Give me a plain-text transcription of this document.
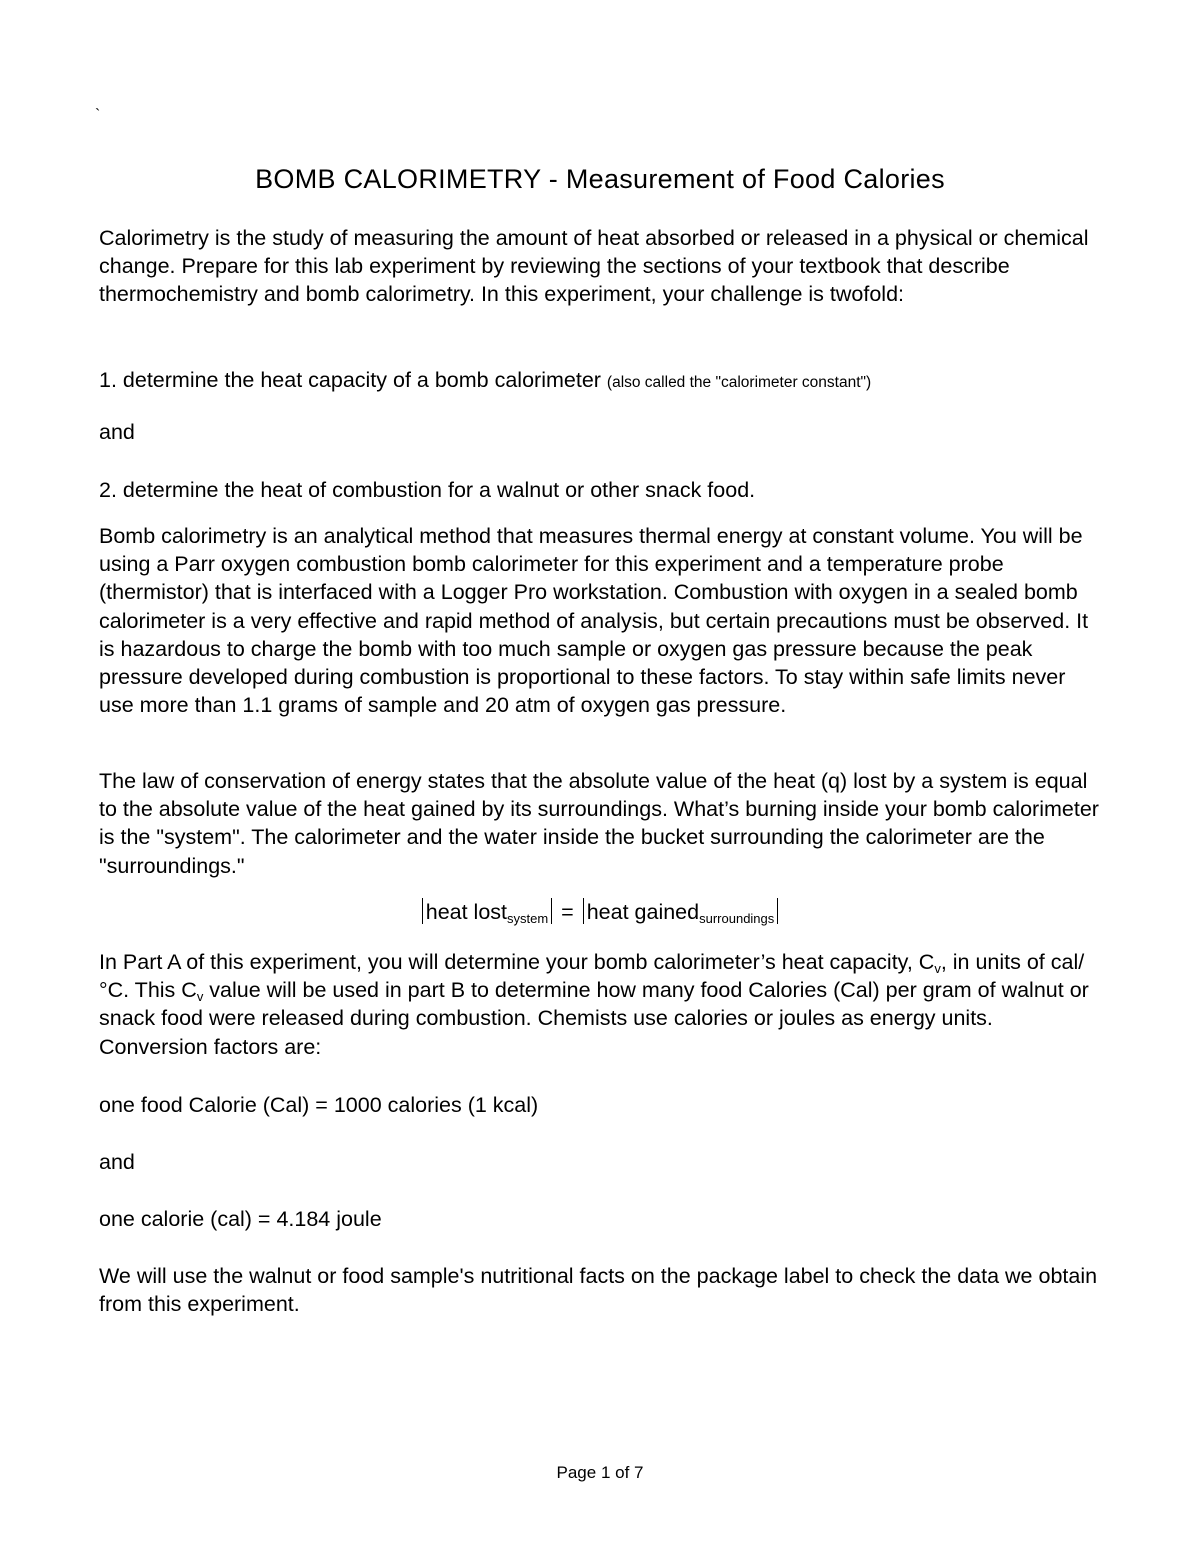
`
BOMB CALORIMETRY - Measurement of Food Calories

Calorimetry is the study of measuring the amount of heat absorbed or released in a physical or chemical change. Prepare for this lab experiment by reviewing the sections of your textbook that describe thermochemistry and bomb calorimetry. In this experiment, your challenge is twofold:

1. determine the heat capacity of a bomb calorimeter (also called the "calorimeter constant")

and

2. determine the heat of combustion for a walnut or other snack food.

Bomb calorimetry is an analytical method that measures thermal energy at constant volume. You will be using a Parr oxygen combustion bomb calorimeter for this experiment and a temperature probe (thermistor) that is interfaced with a Logger Pro workstation. Combustion with oxygen in a sealed bomb calorimeter is a very effective and rapid method of analysis, but certain precautions must be observed. It is hazardous to charge the bomb with too much sample or oxygen gas pressure because the peak pressure developed during combustion is proportional to these factors. To stay within safe limits never use more than 1.1 grams of sample and 20 atm of oxygen gas pressure.

The law of conservation of energy states that the absolute value of the heat (q) lost by a system is equal to the absolute value of the heat gained by its surroundings. What’s burning inside your bomb calorimeter is the "system". The calorimeter and the water inside the bucket surrounding the calorimeter are the "surroundings."

heat lost$_{system}$ = heat gained$_{surroundings}$

In Part A of this experiment, you will determine your bomb calorimeter’s heat capacity, $C_v$, in units of cal/°C. This $C_v$ value will be used in part B to determine how many food Calories (Cal) per gram of walnut or snack food were released during combustion. Chemists use calories or joules as energy units. Conversion factors are:

one food Calorie (Cal) = 1000 calories (1 kcal)

and

one calorie (cal) = 4.184 joule

We will use the walnut or food sample's nutritional facts on the package label to check the data we obtain from this experiment.

Page 1 of 7
